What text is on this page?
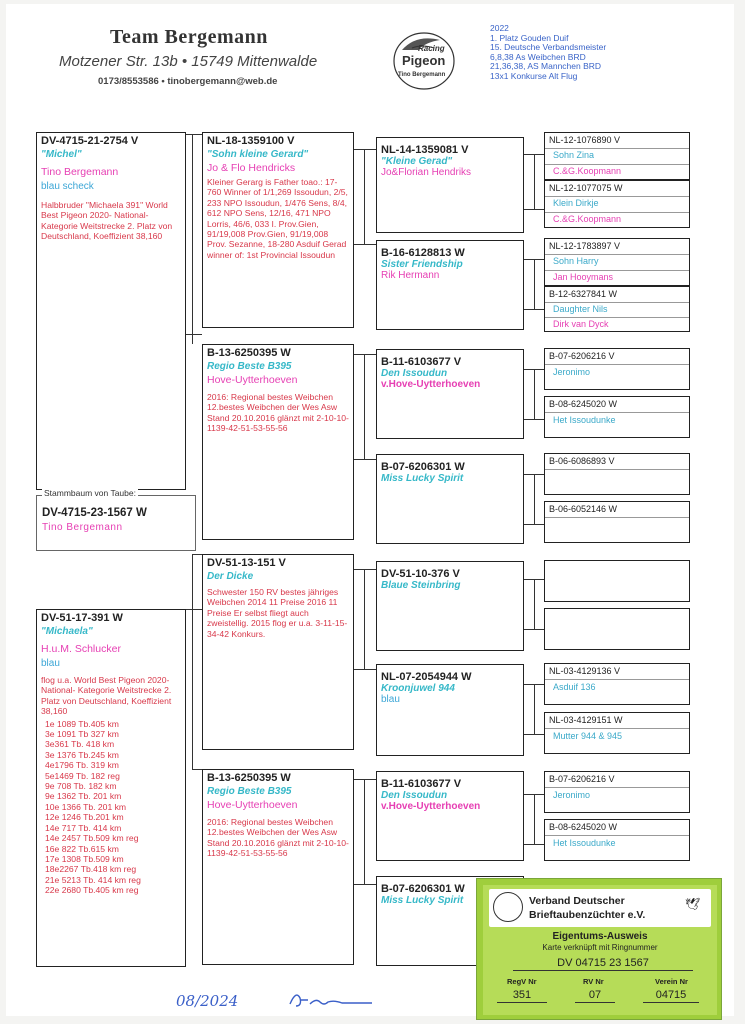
Team Bergemann
Motzener Str. 13b • 15749 Mittenwalde
0173/8553586 • tinobergemann@web.de
Racing
Pigeon
Tino Bergemann
2022
1. Platz Gouden Duif
15. Deutsche Verbandsmeister
6,8,38 As Weibchen BRD
21,36,38, AS Mannchen BRD
13x1 Konkurse Alt Flug
DV-4715-21-2754 V
"Michel"
Tino Bergemann
blau scheck
Halbbruder "Michaela 391" World Best Pigeon 2020- National- Kategorie Weitstrecke 2. Platz von Deutschland, Koeffizient 38,160
Stammbaum von Taube:
DV-4715-23-1567 W
Tino Bergemann
DV-51-17-391 W
"Michaela"
H.u.M. Schlucker
blau
flog u.a. World Best Pigeon 2020- National- Kategorie Weitstrecke 2. Platz von Deutschland, Koeffizient 38,160
1e 1089 Tb.405 km
3e 1091 Tb 327 km
3e361 Tb. 418 km
3e 1376 Tb.245 km
4e1796 Tb. 319 km
5e1469 Tb. 182 reg
9e 708 Tb. 182 km
9e 1362 Tb. 201 km
10e 1366 Tb. 201 km
12e 1246 Tb.201 km
14e 717 Tb. 414 km
14e 2457 Tb.509 km reg
16e 822 Tb.615 km
17e 1308 Tb.509 km
18e2267 Tb.418 km reg
21e 5213 Tb. 414 km reg
22e 2680 Tb.405 km reg
NL-18-1359100 V
"Sohn kleine Gerard"
Jo & Flo Hendricks
Kleiner Gerarg is Father toao.: 17-760 Winner of 1/1,269 Issoudun, 2/5, 233 NPO Issoudun, 1/476 Sens, 8/4, 612 NPO Sens, 12/16, 471 NPO Lorris, 46/6, 033 I. Prov.Gien, 91/19,008 Prov.Gien, 91/19,008 Prov. Sezanne, 18-280 Asduif Gerad winner of: 1st Provincial Issoudun
B-13-6250395 W
Regio Beste B395
Hove-Uytterhoeven
2016: Regional bestes Weibchen 12.bestes Weibchen der Wes Asw Stand 20.10.2016 glänzt mit 2-10-10-1139-42-51-53-55-56
DV-51-13-151 V
Der Dicke
Schwester 150 RV bestes jähriges Weibchen 2014 11 Preise 2016 11 Preise Er selbst fliegt auch zweistellig. 2015 flog er u.a. 3-11-15-34-42 Konkurs.
B-13-6250395 W
Regio Beste B395
Hove-Uytterhoeven
2016: Regional bestes Weibchen 12.bestes Weibchen der Wes Asw Stand 20.10.2016 glänzt mit 2-10-10-1139-42-51-53-55-56
NL-14-1359081 V
"Kleine Gerad"
Jo&Florian Hendriks
B-16-6128813 W
Sister Friendship
Rik Hermann
B-11-6103677 V
Den Issoudun
v.Hove-Uytterhoeven
B-07-6206301 W
Miss Lucky Spirit
DV-51-10-376 V
Blaue Steinbring
NL-07-2054944 W
Kroonjuwel 944
blau
B-11-6103677 V
Den Issoudun
v.Hove-Uytterhoeven
B-07-6206301 W
Miss Lucky Spirit
NL-12-1076890 V
Sohn Zina
C.&G.Koopmann
NL-12-1077075 W
Klein Dirkje
C.&G.Koopmann
NL-12-1783897 V
Sohn Harry
Jan Hooymans
B-12-6327841 W
Daughter Nils
Dirk van Dyck
B-07-6206216 V
Jeronimo
B-08-6245020 W
Het Issoudunke
B-06-6086893 V
B-06-6052146 W
NL-03-4129136 V
Asduif 136
NL-03-4129151 W
Mutter 944 & 945
B-07-6206216 V
Jeronimo
B-08-6245020 W
Het Issoudunke
08/2024
Verband Deutscher
Brieftaubenzüchter e.V.
🕊
Eigentums-Ausweis
Karte verknüpft mit Ringnummer
DV 04715 23 1567
RegV Nr	RV Nr	Verein Nr
351	07	04715
